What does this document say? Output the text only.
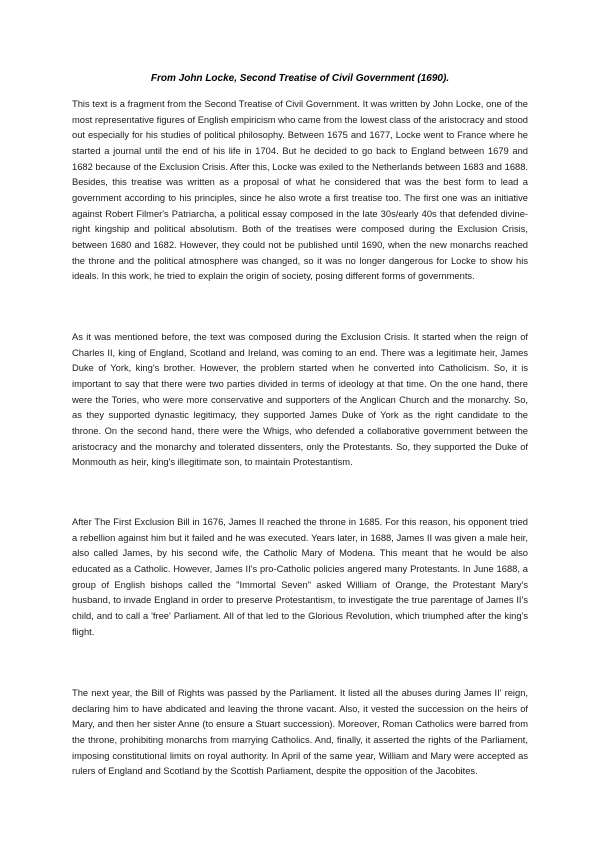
From John Locke, Second Treatise of Civil Government (1690).

This text is a fragment from the Second Treatise of Civil Government. It was written by John Locke, one of the most representative figures of English empiricism who came from the lowest class of the aristocracy and stood out especially for his studies of political philosophy. Between 1675 and 1677, Locke went to France where he started a journal until the end of his life in 1704. But he decided to go back to England between 1679 and 1682 because of the Exclusion Crisis. After this, Locke was exiled to the Netherlands between 1683 and 1688. Besides, this treatise was written as a proposal of what he considered that was the best form to lead a government according to his principles, since he also wrote a first treatise too. The first one was an initiative against Robert Filmer's Patriarcha, a political essay composed in the late 30s/early 40s that defended divine-right kingship and political absolutism. Both of the treatises were composed during the Exclusion Crisis, between 1680 and 1682. However, they could not be published until 1690, when the new monarchs reached the throne and the political atmosphere was changed, so it was no longer dangerous for Locke to show his ideals. In this work, he tried to explain the origin of society, posing different forms of governments.

As it was mentioned before, the text was composed during the Exclusion Crisis. It started when the reign of Charles II, king of England, Scotland and Ireland, was coming to an end. There was a legitimate heir, James Duke of York, king's brother. However, the problem started when he converted into Catholicism. So, it is important to say that there were two parties divided in terms of ideology at that time. On the one hand, there were the Tories, who were more conservative and supporters of the Anglican Church and the monarchy. So, as they supported dynastic legitimacy, they supported James Duke of York as the right candidate to the throne. On the second hand, there were the Whigs, who defended a collaborative government between the aristocracy and the monarchy and tolerated dissenters, only the Protestants. So, they supported the Duke of Monmouth as heir, king's illegitimate son, to maintain Protestantism.

After The First Exclusion Bill in 1676, James II reached the throne in 1685. For this reason, his opponent tried a rebellion against him but it failed and he was executed. Years later, in 1688, James II was given a male heir, also called James, by his second wife, the Catholic Mary of Modena. This meant that he would be also educated as a Catholic. However, James II's pro-Catholic policies angered many Protestants. In June 1688, a group of English bishops called the "Immortal Seven" asked William of Orange, the Protestant Mary's husband, to invade England in order to preserve Protestantism, to investigate the true parentage of James II's child, and to call a 'free' Parliament. All of that led to the Glorious Revolution, which triumphed after the king's flight.

The next year, the Bill of Rights was passed by the Parliament. It listed all the abuses during James II' reign, declaring him to have abdicated and leaving the throne vacant. Also, it vested the succession on the heirs of Mary, and then her sister Anne (to ensure a Stuart succession). Moreover, Roman Catholics were barred from the throne, prohibiting monarchs from marrying Catholics. And, finally, it asserted the rights of the Parliament, imposing constitutional limits on royal authority. In April of the same year, William and Mary were accepted as rulers of England and Scotland by the Scottish Parliament, despite the opposition of the Jacobites.
